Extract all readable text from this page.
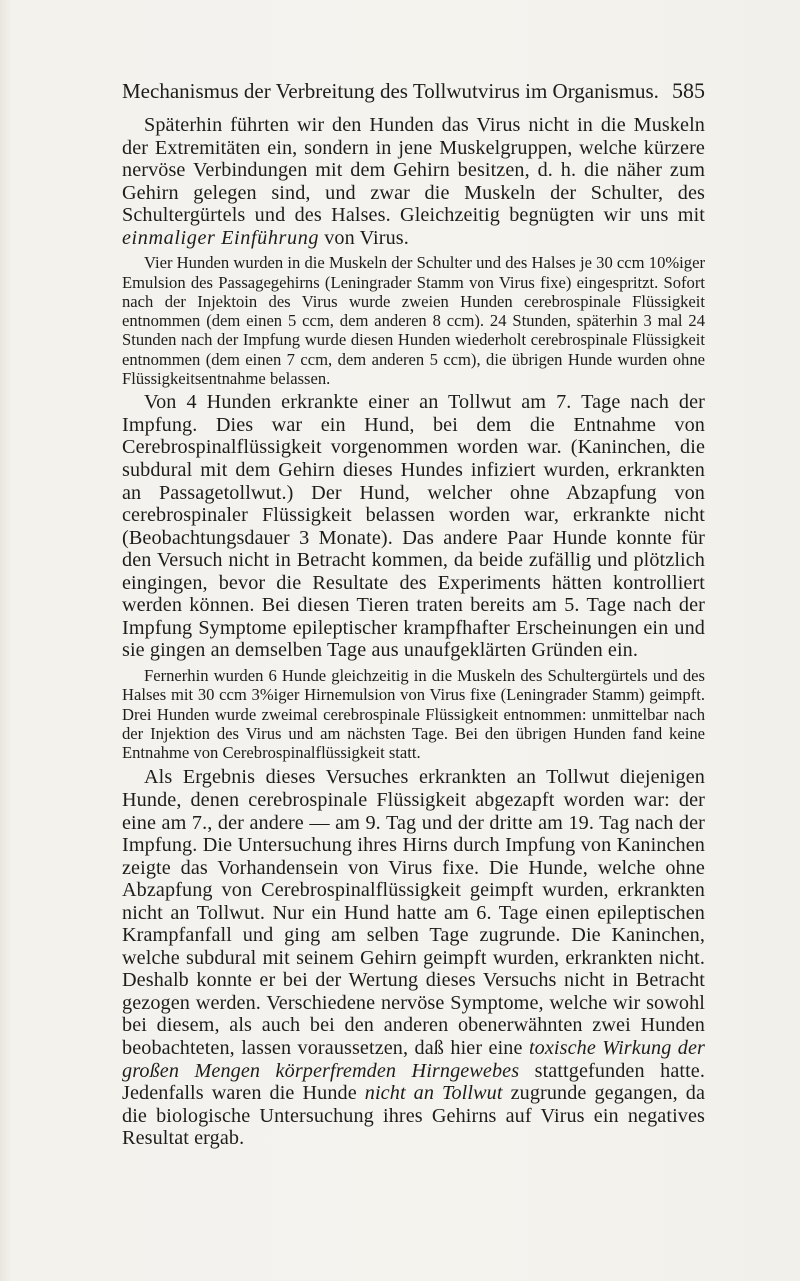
Mechanismus der Verbreitung des Tollwutvirus im Organismus. 585

Späterhin führten wir den Hunden das Virus nicht in die Muskeln der Extremitäten ein, sondern in jene Muskelgruppen, welche kürzere nervöse Verbindungen mit dem Gehirn besitzen, d. h. die näher zum Gehirn gelegen sind, und zwar die Muskeln der Schulter, des Schultergürtels und des Halses. Gleichzeitig begnügten wir uns mit einmaliger Einführung von Virus.

Vier Hunden wurden in die Muskeln der Schulter und des Halses je 30 ccm 10%iger Emulsion des Passagegehirns (Leningrader Stamm von Virus fixe) eingespritzt. Sofort nach der Injektoin des Virus wurde zweien Hunden cerebrospinale Flüssigkeit entnommen (dem einen 5 ccm, dem anderen 8 ccm). 24 Stunden, späterhin 3 mal 24 Stunden nach der Impfung wurde diesen Hunden wiederholt cerebrospinale Flüssigkeit entnommen (dem einen 7 ccm, dem anderen 5 ccm), die übrigen Hunde wurden ohne Flüssigkeitsentnahme belassen.

Von 4 Hunden erkrankte einer an Tollwut am 7. Tage nach der Impfung. Dies war ein Hund, bei dem die Entnahme von Cerebrospinalflüssigkeit vorgenommen worden war. (Kaninchen, die subdural mit dem Gehirn dieses Hundes infiziert wurden, erkrankten an Passagetollwut.) Der Hund, welcher ohne Abzapfung von cerebrospinaler Flüssigkeit belassen worden war, erkrankte nicht (Beobachtungsdauer 3 Monate). Das andere Paar Hunde konnte für den Versuch nicht in Betracht kommen, da beide zufällig und plötzlich eingingen, bevor die Resultate des Experiments hätten kontrolliert werden können. Bei diesen Tieren traten bereits am 5. Tage nach der Impfung Symptome epileptischer krampfhafter Erscheinungen ein und sie gingen an demselben Tage aus unaufgeklärten Gründen ein.

Fernerhin wurden 6 Hunde gleichzeitig in die Muskeln des Schultergürtels und des Halses mit 30 ccm 3%iger Hirnemulsion von Virus fixe (Leningrader Stamm) geimpft. Drei Hunden wurde zweimal cerebrospinale Flüssigkeit entnommen: unmittelbar nach der Injektion des Virus und am nächsten Tage. Bei den übrigen Hunden fand keine Entnahme von Cerebrospinalflüssigkeit statt.

Als Ergebnis dieses Versuches erkrankten an Tollwut diejenigen Hunde, denen cerebrospinale Flüssigkeit abgezapft worden war: der eine am 7., der andere — am 9. Tag und der dritte am 19. Tag nach der Impfung. Die Untersuchung ihres Hirns durch Impfung von Kaninchen zeigte das Vorhandensein von Virus fixe. Die Hunde, welche ohne Abzapfung von Cerebrospinalflüssigkeit geimpft wurden, erkrankten nicht an Tollwut. Nur ein Hund hatte am 6. Tage einen epileptischen Krampfanfall und ging am selben Tage zugrunde. Die Kaninchen, welche subdural mit seinem Gehirn geimpft wurden, erkrankten nicht. Deshalb konnte er bei der Wertung dieses Versuchs nicht in Betracht gezogen werden. Verschiedene nervöse Symptome, welche wir sowohl bei diesem, als auch bei den anderen obenerwähnten zwei Hunden beobachteten, lassen voraussetzen, daß hier eine toxische Wirkung der großen Mengen körperfremden Hirngewebes stattgefunden hatte. Jedenfalls waren die Hunde nicht an Tollwut zugrunde gegangen, da die biologische Untersuchung ihres Gehirns auf Virus ein negatives Resultat ergab.
